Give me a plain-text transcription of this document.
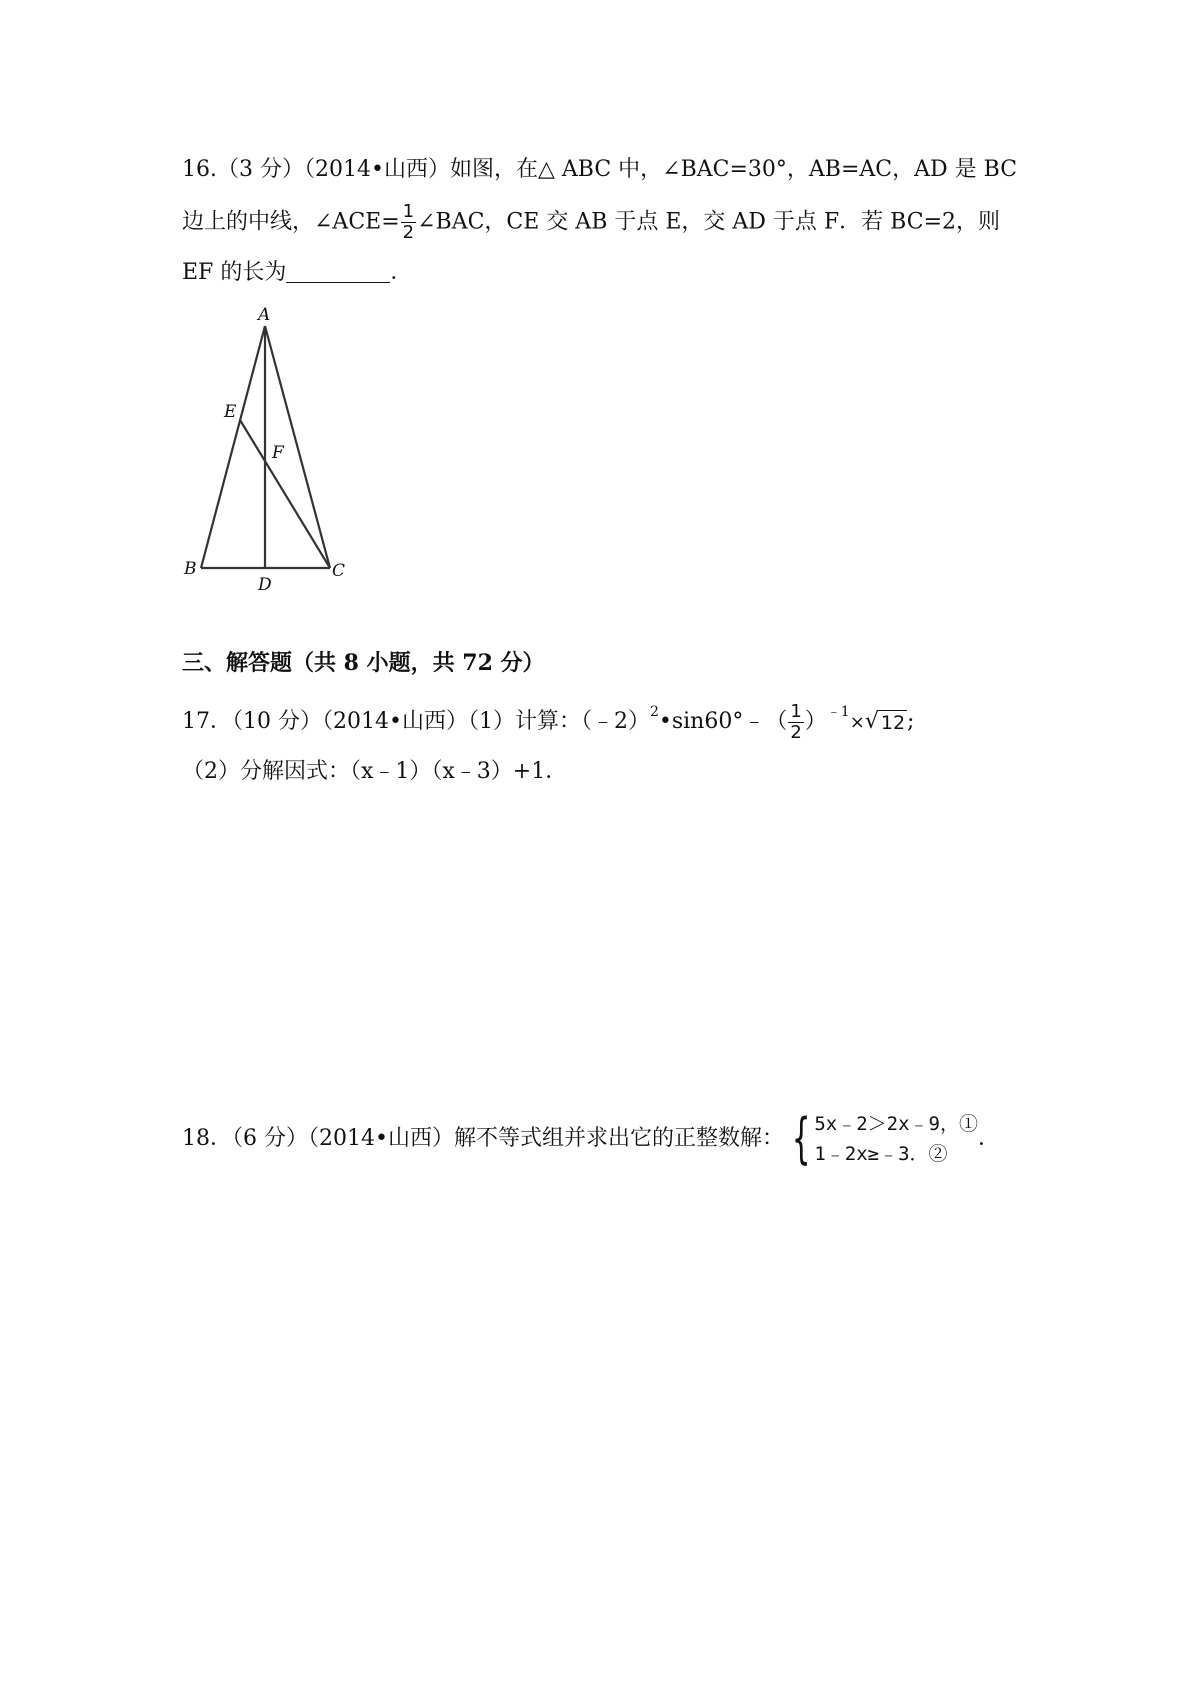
16.（3 分）（2014•山西）如图，在△ ABC 中，∠BAC=30°，AB=AC，AD 是 BC
边上的中线，∠ACE= $\frac{1}{2}$ ∠BAC，CE 交 AB 于点 E，交 AD 于点 F．若 BC=2，则
EF 的长为	．
A
E
F
B
D
C
三、解答题（共 8 小题，共 72 分）
17．（10 分）（2014•山西）（1）计算：（﹣2）$^2$•sin60°﹣（ $\frac{1}{2} )^{﹣1}\times$ √ 12 ;
（2）分解因式：（x﹣1）（x﹣3）+1．
18．（6 分）（2014•山西）解不等式组并求出它的正整数解： { 5x﹣2＞2x﹣9，①
1﹣2x≥﹣3．②
．
